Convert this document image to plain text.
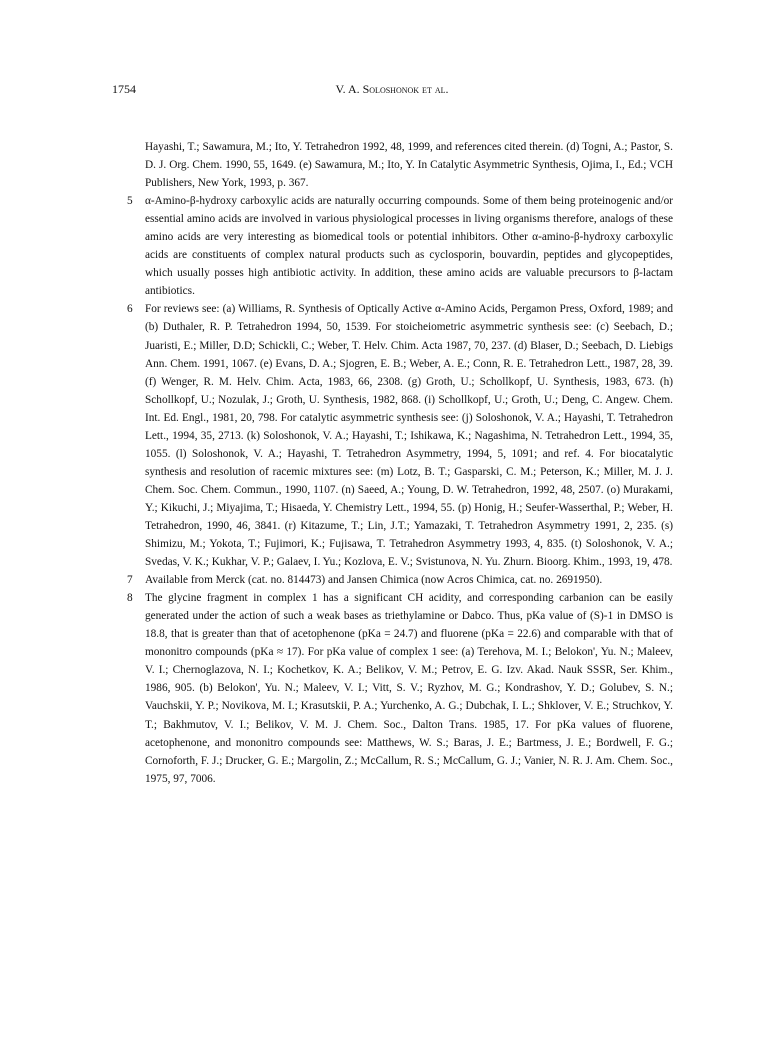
1754	V. A. Soloshonok et al.

Hayashi, T.; Sawamura, M.; Ito, Y. Tetrahedron 1992, 48, 1999, and references cited therein. (d) Togni, A.; Pastor, S. D. J. Org. Chem. 1990, 55, 1649. (e) Sawamura, M.; Ito, Y. In Catalytic Asymmetric Synthesis, Ojima, I., Ed.; VCH Publishers, New York, 1993, p. 367.

5 α-Amino-β-hydroxy carboxylic acids are naturally occurring compounds. Some of them being proteinogenic and/or essential amino acids are involved in various physiological processes in living organisms therefore, analogs of these amino acids are very interesting as biomedical tools or potential inhibitors. Other α-amino-β-hydroxy carboxylic acids are constituents of complex natural products such as cyclosporin, bouvardin, peptides and glycopeptides, which usually posses high antibiotic activity. In addition, these amino acids are valuable precursors to β-lactam antibiotics.

6 For reviews see: (a) Williams, R. Synthesis of Optically Active α-Amino Acids, Pergamon Press, Oxford, 1989; and (b) Duthaler, R. P. Tetrahedron 1994, 50, 1539. For stoicheiometric asymmetric synthesis see: (c) Seebach, D.; Juaristi, E.; Miller, D.D; Schickli, C.; Weber, T. Helv. Chim. Acta 1987, 70, 237. (d) Blaser, D.; Seebach, D. Liebigs Ann. Chem. 1991, 1067. (e) Evans, D. A.; Sjogren, E. B.; Weber, A. E.; Conn, R. E. Tetrahedron Lett., 1987, 28, 39. (f) Wenger, R. M. Helv. Chim. Acta, 1983, 66, 2308. (g) Groth, U.; Schollkopf, U. Synthesis, 1983, 673. (h) Schollkopf, U.; Nozulak, J.; Groth, U. Synthesis, 1982, 868. (i) Schollkopf, U.; Groth, U.; Deng, C. Angew. Chem. Int. Ed. Engl., 1981, 20, 798. For catalytic asymmetric synthesis see: (j) Soloshonok, V. A.; Hayashi, T. Tetrahedron Lett., 1994, 35, 2713. (k) Soloshonok, V. A.; Hayashi, T.; Ishikawa, K.; Nagashima, N. Tetrahedron Lett., 1994, 35, 1055. (l) Soloshonok, V. A.; Hayashi, T. Tetrahedron Asymmetry, 1994, 5, 1091; and ref. 4. For biocatalytic synthesis and resolution of racemic mixtures see: (m) Lotz, B. T.; Gasparski, C. M.; Peterson, K.; Miller, M. J. J. Chem. Soc. Chem. Commun., 1990, 1107. (n) Saeed, A.; Young, D. W. Tetrahedron, 1992, 48, 2507. (o) Murakami, Y.; Kikuchi, J.; Miyajima, T.; Hisaeda, Y. Chemistry Lett., 1994, 55. (p) Honig, H.; Seufer-Wasserthal, P.; Weber, H. Tetrahedron, 1990, 46, 3841. (r) Kitazume, T.; Lin, J.T.; Yamazaki, T. Tetrahedron Asymmetry 1991, 2, 235. (s) Shimizu, M.; Yokota, T.; Fujimori, K.; Fujisawa, T. Tetrahedron Asymmetry 1993, 4, 835. (t) Soloshonok, V. A.; Svedas, V. K.; Kukhar, V. P.; Galaev, I. Yu.; Kozlova, E. V.; Svistunova, N. Yu. Zhurn. Bioorg. Khim., 1993, 19, 478.

7 Available from Merck (cat. no. 814473) and Jansen Chimica (now Acros Chimica, cat. no. 2691950).

8 The glycine fragment in complex 1 has a significant CH acidity, and corresponding carbanion can be easily generated under the action of such a weak bases as triethylamine or Dabco. Thus, pKa value of (S)-1 in DMSO is 18.8, that is greater than that of acetophenone (pKa = 24.7) and fluorene (pKa = 22.6) and comparable with that of mononitro compounds (pKa ≈ 17). For pKa value of complex 1 see: (a) Terehova, M. I.; Belokon', Yu. N.; Maleev, V. I.; Chernoglazova, N. I.; Kochetkov, K. A.; Belikov, V. M.; Petrov, E. G. Izv. Akad. Nauk SSSR, Ser. Khim., 1986, 905. (b) Belokon', Yu. N.; Maleev, V. I.; Vitt, S. V.; Ryzhov, M. G.; Kondrashov, Y. D.; Golubev, S. N.; Vauchskii, Y. P.; Novikova, M. I.; Krasutskii, P. A.; Yurchenko, A. G.; Dubchak, I. L.; Shklover, V. E.; Struchkov, Y. T.; Bakhmutov, V. I.; Belikov, V. M. J. Chem. Soc., Dalton Trans. 1985, 17. For pKa values of fluorene, acetophenone, and mononitro compounds see: Matthews, W. S.; Baras, J. E.; Bartmess, J. E.; Bordwell, F. G.; Cornoforth, F. J.; Drucker, G. E.; Margolin, Z.; McCallum, R. S.; McCallum, G. J.; Vanier, N. R. J. Am. Chem. Soc., 1975, 97, 7006.
